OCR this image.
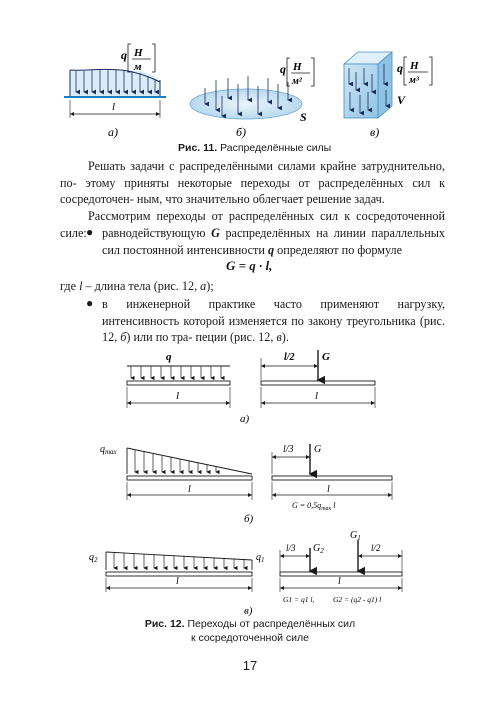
l
q Н
м
а)
q Н
м²
S
б)
q Н
м³
V
в)
Рис. 11. Распределённые силы
Решать задачи с распределёнными силами крайне затруднительно, по- этому приняты некоторые переходы от распределённых сил к сосредоточен- ным, что значительно облегчает решение задач.
Рассмотрим переходы от распределённых сил к сосредоточенной силе: ● равнодействующую G распределённых на линии параллельных сил постоянной интенсивности q определяют по формуле
G = q · l,
где l – длина тела (рис. 12, а);
● в инженерной практике часто применяют нагрузку, интенсивность которой изменяется по закону треугольника (рис. 12, б) или по тра- пеции (рис. 12, в).
q
l
l/2 G
l
а)
$q_{max}$
l
l/3 G
l
$G = 0,5q_{max}$ l
б)
$q_2$	$q_1$
l
l/3	l/2
$G_2$
$G_1$
l
G1 = q1 l, G2 = (q2 - q1) l
в)
Рис. 12. Переходы от распределённых сил
к сосредоточенной силе
17
